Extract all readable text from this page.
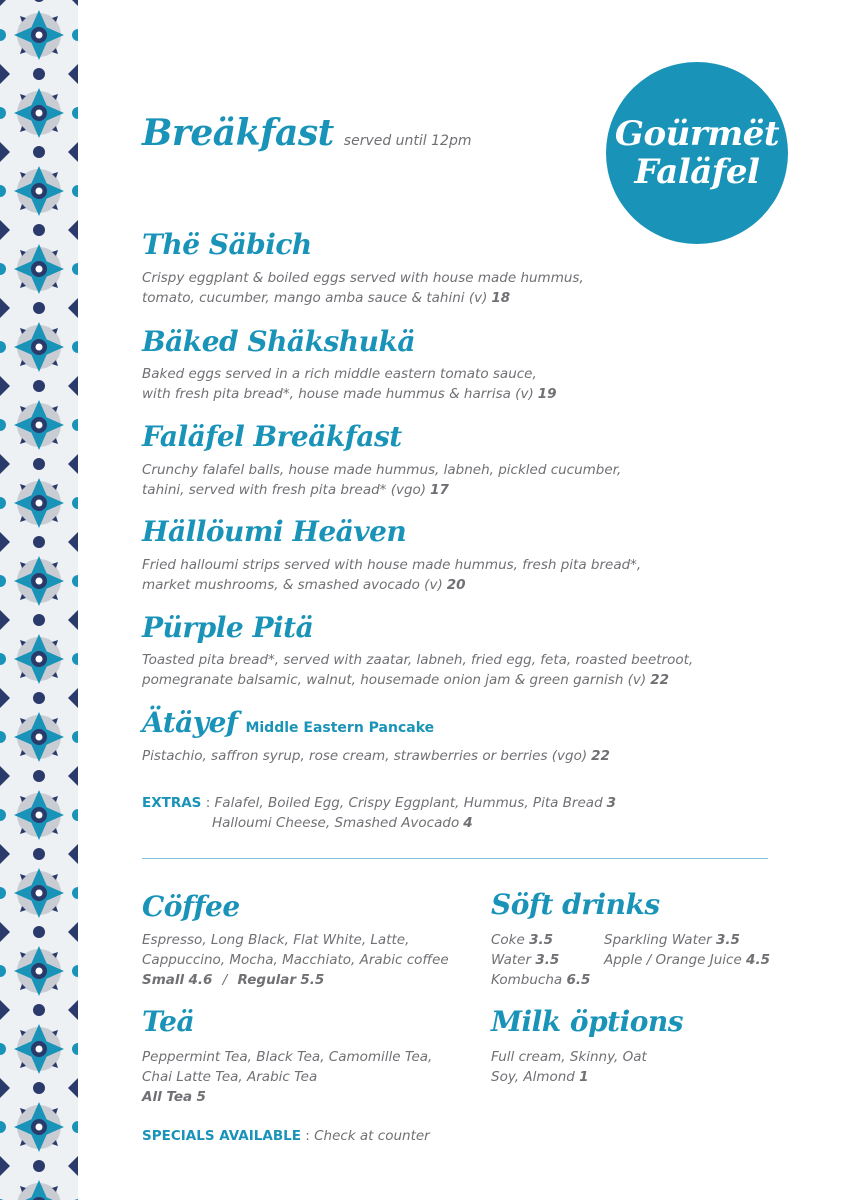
Goürmët
Faläfel
Breäkfast served until 12pm
Thë Säbich
Crispy eggplant & boiled eggs served with house made hummus,
tomato, cucumber, mango amba sauce & tahini (v) 18
Bäked Shäkshukä
Baked eggs served in a rich middle eastern tomato sauce,
with fresh pita bread*, house made hummus & harrisa (v) 19
Faläfel Breäkfast
Crunchy falafel balls, house made hummus, labneh, pickled cucumber,
tahini, served with fresh pita bread* (vgo) 17
Hällöumi Heäven
Fried halloumi strips served with house made hummus, fresh pita bread*,
market mushrooms, & smashed avocado (v) 20
Pürple Pitä
Toasted pita bread*, served with zaatar, labneh, fried egg, feta, roasted beetroot,
pomegranate balsamic, walnut, housemade onion jam & green garnish (v) 22
Ätäyef Middle Eastern Pancake
Pistachio, saffron syrup, rose cream, strawberries or berries (vgo) 22
EXTRAS : Falafel, Boiled Egg, Crispy Eggplant, Hummus, Pita Bread 3
Halloumi Cheese, Smashed Avocado 4
Cöffee
Espresso, Long Black, Flat White, Latte,
Cappuccino, Mocha, Macchiato, Arabic coffee
Small 4.6 / Regular 5.5
Teä
Peppermint Tea, Black Tea, Camomille Tea,
Chai Latte Tea, Arabic Tea
All Tea 5
Söft drinks
Coke 3.5
Water 3.5
Kombucha 6.5
Sparkling Water 3.5
Apple / Orange Juice 4.5
Milk öptions
Full cream, Skinny, Oat
Soy, Almond 1
SPECIALS AVAILABLE : Check at counter
